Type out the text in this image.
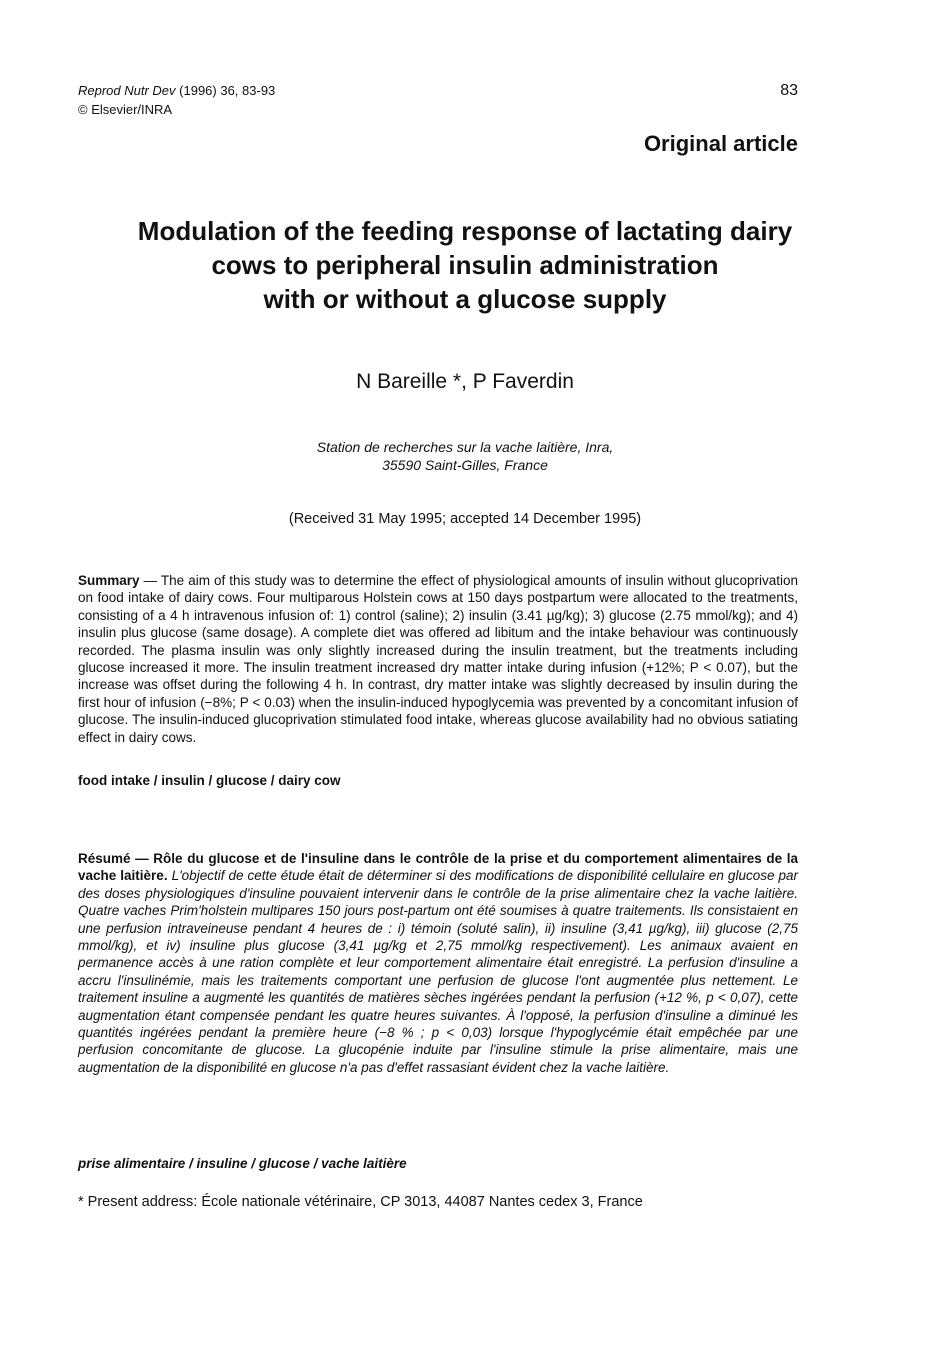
Reprod Nutr Dev (1996) 36, 83-93
© Elsevier/INRA
83
Original article
Modulation of the feeding response of lactating dairy
cows to peripheral insulin administration
with or without a glucose supply
N Bareille *, P Faverdin
Station de recherches sur la vache laitière, Inra,
35590 Saint-Gilles, France
(Received 31 May 1995; accepted 14 December 1995)

Summary — The aim of this study was to determine the effect of physiological amounts of insulin without glucoprivation on food intake of dairy cows. Four multiparous Holstein cows at 150 days postpartum were allocated to the treatments, consisting of a 4 h intravenous infusion of: 1) control (saline); 2) insulin (3.41 µg/kg); 3) glucose (2.75 mmol/kg); and 4) insulin plus glucose (same dosage). A complete diet was offered ad libitum and the intake behaviour was continuously recorded. The plasma insulin was only slightly increased during the insulin treatment, but the treatments including glucose increased it more. The insulin treatment increased dry matter intake during infusion (+12%; P < 0.07), but the increase was offset during the following 4 h. In contrast, dry matter intake was slightly decreased by insulin during the first hour of infusion (−8%; P < 0.03) when the insulin-induced hypoglycemia was prevented by a concomitant infusion of glucose. The insulin-induced glucoprivation stimulated food intake, whereas glucose availability had no obvious satiating effect in dairy cows.

food intake / insulin / glucose / dairy cow

Résumé — Rôle du glucose et de l'insuline dans le contrôle de la prise et du comportement alimentaires de la vache laitière. L'objectif de cette étude était de déterminer si des modifications de disponibilité cellulaire en glucose par des doses physiologiques d'insuline pouvaient intervenir dans le contrôle de la prise alimentaire chez la vache laitière. Quatre vaches Prim'holstein multipares 150 jours post-partum ont été soumises à quatre traitements. Ils consistaient en une perfusion intraveineuse pendant 4 heures de : i) témoin (soluté salin), ii) insuline (3,41 µg/kg), iii) glucose (2,75 mmol/kg), et iv) insuline plus glucose (3,41 µg/kg et 2,75 mmol/kg respectivement). Les animaux avaient en permanence accès à une ration complète et leur comportement alimentaire était enregistré. La perfusion d'insuline a accru l'insulinémie, mais les traitements comportant une perfusion de glucose l'ont augmentée plus nettement. Le traitement insuline a augmenté les quantités de matières sèches ingérées pendant la perfusion (+12 %, p < 0,07), cette augmentation étant compensée pendant les quatre heures suivantes. À l'opposé, la perfusion d'insuline a diminué les quantités ingérées pendant la première heure (−8 % ; p < 0,03) lorsque l'hypoglycémie était empêchée par une perfusion concomitante de glucose. La glucopénie induite par l'insuline stimule la prise alimentaire, mais une augmentation de la disponibilité en glucose n'a pas d'effet rassasiant évident chez la vache laitière.

prise alimentaire / insuline / glucose / vache laitière
* Present address: École nationale vétérinaire, CP 3013, 44087 Nantes cedex 3, France
